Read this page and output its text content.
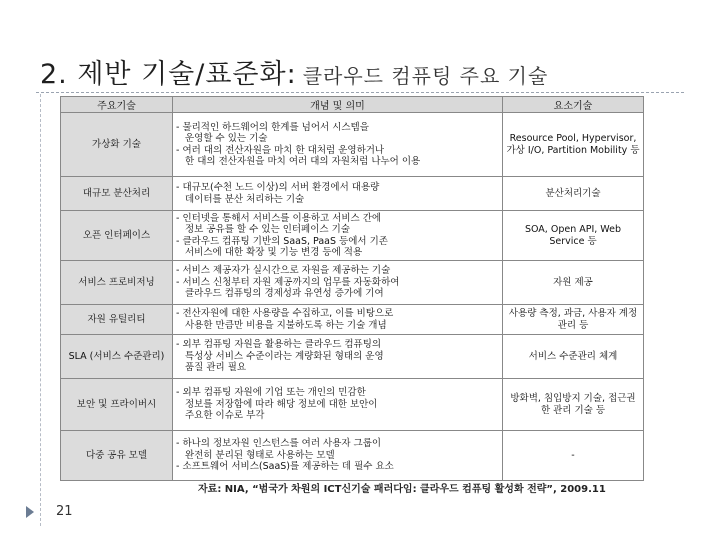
2. 제반 기술/표준화: 클라우드 컴퓨팅 주요 기술
주요기술	개념 및 의미	요소기술
가상화 기술	- 물리적인 하드웨어의 한계를 넘어서 시스템을
운영할 수 있는 기술
- 여러 대의 전산자원을 마치 한 대처럼 운영하거나
한 대의 전산자원을 마치 여러 대의 자원처럼 나누어 이용	Resource Pool, Hypervisor, 가상 I/O, Partition Mobility 등
대규모 분산처리	- 대규모(수천 노드 이상)의 서버 환경에서 대용량
데이터를 분산 처리하는 기술	분산처리기술
오픈 인터페이스	- 인터넷을 통해서 서비스를 이용하고 서비스 간에
정보 공유를 할 수 있는 인터페이스 기술
- 클라우드 컴퓨팅 기반의 SaaS, PaaS 등에서 기존
서비스에 대한 확장 및 기능 변경 등에 적용	SOA, Open API, Web Service 등
서비스 프로비저닝	- 서비스 제공자가 실시간으로 자원을 제공하는 기술
- 서비스 신청부터 자원 제공까지의 업무를 자동화하여
클라우드 컴퓨팅의 경제성과 유연성 증가에 기여	자원 제공
자원 유틸리티	- 전산자원에 대한 사용량을 수집하고, 이를 비탕으로
사용한 만큼만 비용을 지불하도록 하는 기술 개념	사용량 측정, 과금, 사용자 계정관리 등
SLA (서비스 수준관리)	- 외부 컴퓨팅 자원을 활용하는 클라우드 컴퓨팅의
특성상 서비스 수준이라는 계량화된 형태의 운영
품질 관리 필요	서비스 수준관리 체계
보안 및 프라이버시	- 외부 컴퓨팅 자원에 기업 또는 개인의 민감한
정보를 저장함에 따라 해당 정보에 대한 보안이
주요한 이슈로 부각	방화벽, 침입방지 기술, 접근권한 관리 기술 등
다중 공유 모델	- 하나의 정보자원 인스턴스를 여러 사용자 그룹이
완전히 분리된 형태로 사용하는 모델
- 소프트웨어 서비스(SaaS)를 제공하는 데 필수 요소	-
자료: NIA, “범국가 차원의 ICT신기술 패러다임: 클라우드 컴퓨팅 활성화 전략”, 2009.11
21
